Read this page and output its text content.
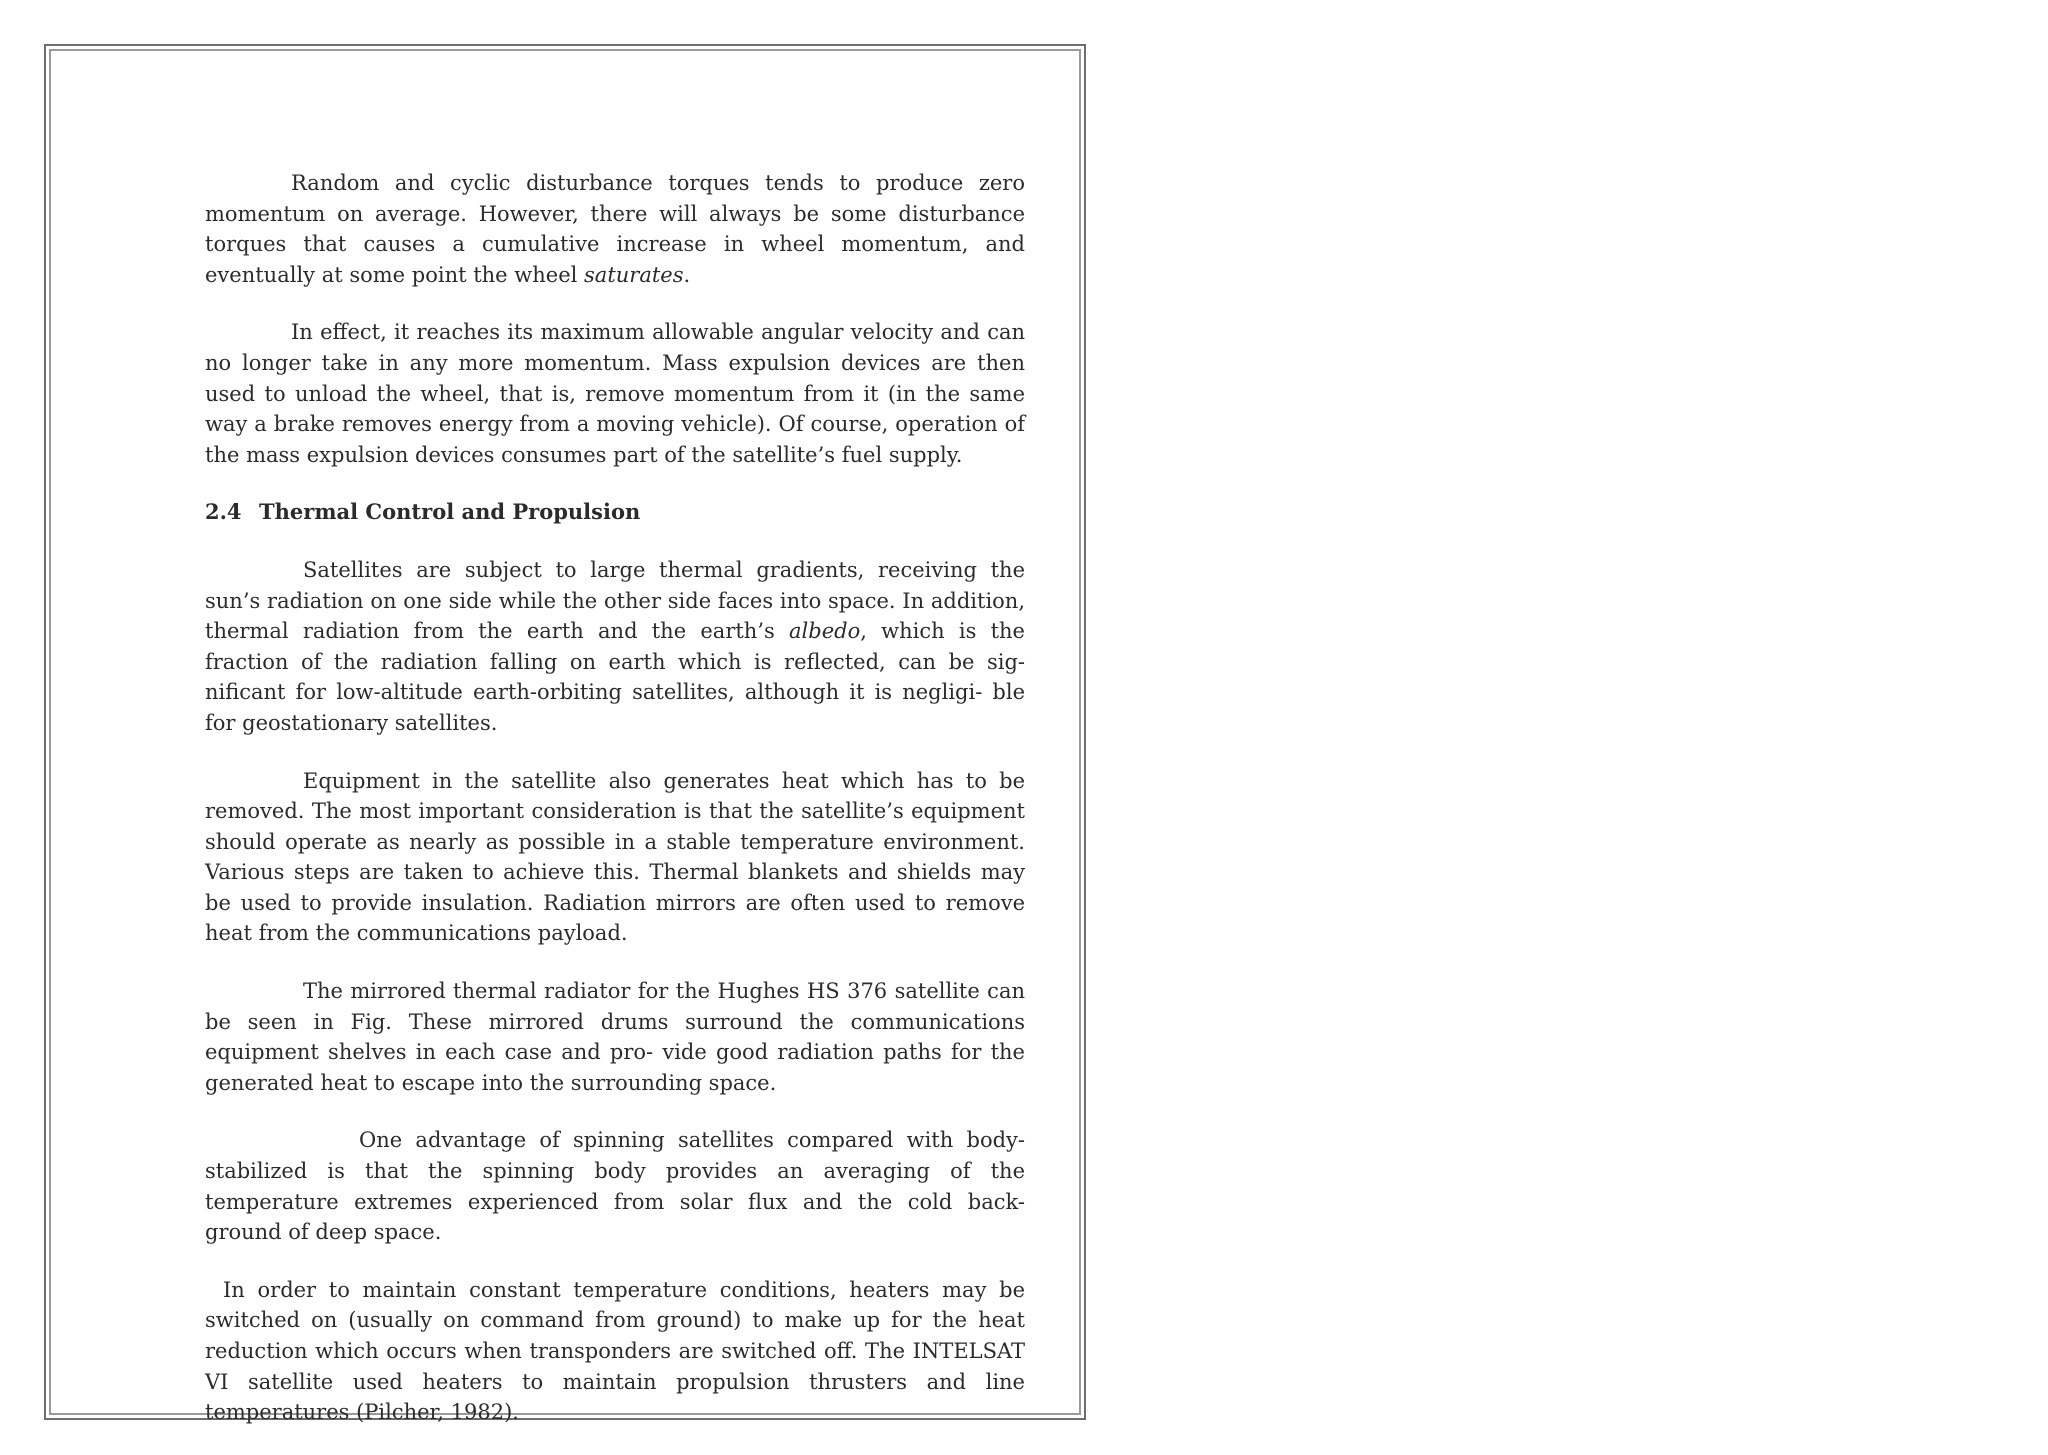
Random and cyclic disturbance torques tends to produce zero momentum on average. However, there will always be some disturbance torques that causes a cumulative increase in wheel momentum, and eventually at some point the wheel saturates.

In effect, it reaches its maximum allowable angular velocity and can no longer take in any more momentum. Mass expulsion devices are then used to unload the wheel, that is, remove momentum from it (in the same way a brake removes energy from a moving vehicle). Of course, operation of the mass expulsion devices consumes part of the satellite’s fuel supply.

2.4 Thermal Control and Propulsion

Satellites are subject to large thermal gradients, receiving the sun’s radiation on one side while the other side faces into space. In addition, thermal radiation from the earth and the earth’s albedo, which is the fraction of the radiation falling on earth which is reflected, can be sig- nificant for low-altitude earth-orbiting satellites, although it is negligi- ble for geostationary satellites.

Equipment in the satellite also generates heat which has to be removed. The most important consideration is that the satellite’s equipment should operate as nearly as possible in a stable temperature environment. Various steps are taken to achieve this. Thermal blankets and shields may be used to provide insulation. Radiation mirrors are often used to remove heat from the communications payload.

The mirrored thermal radiator for the Hughes HS 376 satellite can be seen in Fig. These mirrored drums surround the communications equipment shelves in each case and pro- vide good radiation paths for the generated heat to escape into the surrounding space.

One advantage of spinning satellites compared with body-stabilized is that the spinning body provides an averaging of the temperature extremes experienced from solar flux and the cold back- ground of deep space.

In order to maintain constant temperature conditions, heaters may be switched on (usually on command from ground) to make up for the heat reduction which occurs when transponders are switched off. The INTELSAT VI satellite used heaters to maintain propulsion thrusters and line temperatures (Pilcher, 1982).
